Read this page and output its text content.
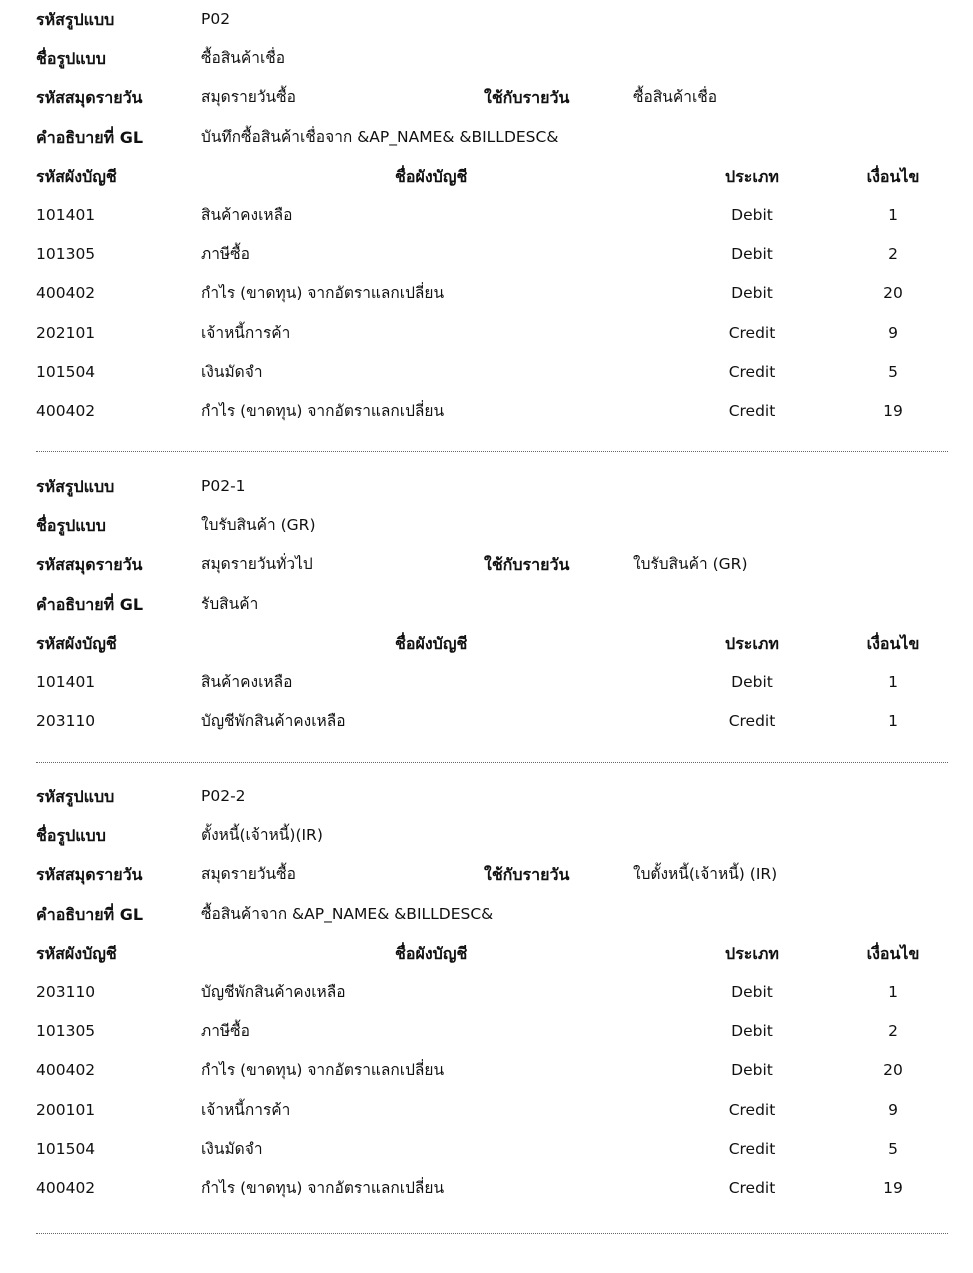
รหัสรูปแบบ	P02
ชื่อรูปแบบ	ซื้อสินค้าเชื่อ
รหัสสมุดรายวัน	สมุดรายวันซื้อ	ใช้กับรายวัน	ซื้อสินค้าเชื่อ
คำอธิบายที่ GL	บันทึกซื้อสินค้าเชื่อจาก &AP_NAME& &BILLDESC&
รหัสผังบัญชี	ชื่อผังบัญชี	ประเภท	เงื่อนไข
101401	สินค้าคงเหลือ	Debit	1
101305	ภาษีซื้อ	Debit	2
400402	กำไร (ขาดทุน) จากอัตราแลกเปลี่ยน	Debit	20
202101	เจ้าหนี้การค้า	Credit	9
101504	เงินมัดจำ	Credit	5
400402	กำไร (ขาดทุน) จากอัตราแลกเปลี่ยน	Credit	19
รหัสรูปแบบ	P02-1
ชื่อรูปแบบ	ใบรับสินค้า (GR)
รหัสสมุดรายวัน	สมุดรายวันทั่วไป	ใช้กับรายวัน	ใบรับสินค้า (GR)
คำอธิบายที่ GL	รับสินค้า
รหัสผังบัญชี	ชื่อผังบัญชี	ประเภท	เงื่อนไข
101401	สินค้าคงเหลือ	Debit	1
203110	บัญชีพักสินค้าคงเหลือ	Credit	1
รหัสรูปแบบ	P02-2
ชื่อรูปแบบ	ตั้งหนี้(เจ้าหนี้)(IR)
รหัสสมุดรายวัน	สมุดรายวันซื้อ	ใช้กับรายวัน	ใบตั้งหนี้(เจ้าหนี้) (IR)
คำอธิบายที่ GL	ซื้อสินค้าจาก &AP_NAME& &BILLDESC&
รหัสผังบัญชี	ชื่อผังบัญชี	ประเภท	เงื่อนไข
203110	บัญชีพักสินค้าคงเหลือ	Debit	1
101305	ภาษีซื้อ	Debit	2
400402	กำไร (ขาดทุน) จากอัตราแลกเปลี่ยน	Debit	20
200101	เจ้าหนี้การค้า	Credit	9
101504	เงินมัดจำ	Credit	5
400402	กำไร (ขาดทุน) จากอัตราแลกเปลี่ยน	Credit	19
